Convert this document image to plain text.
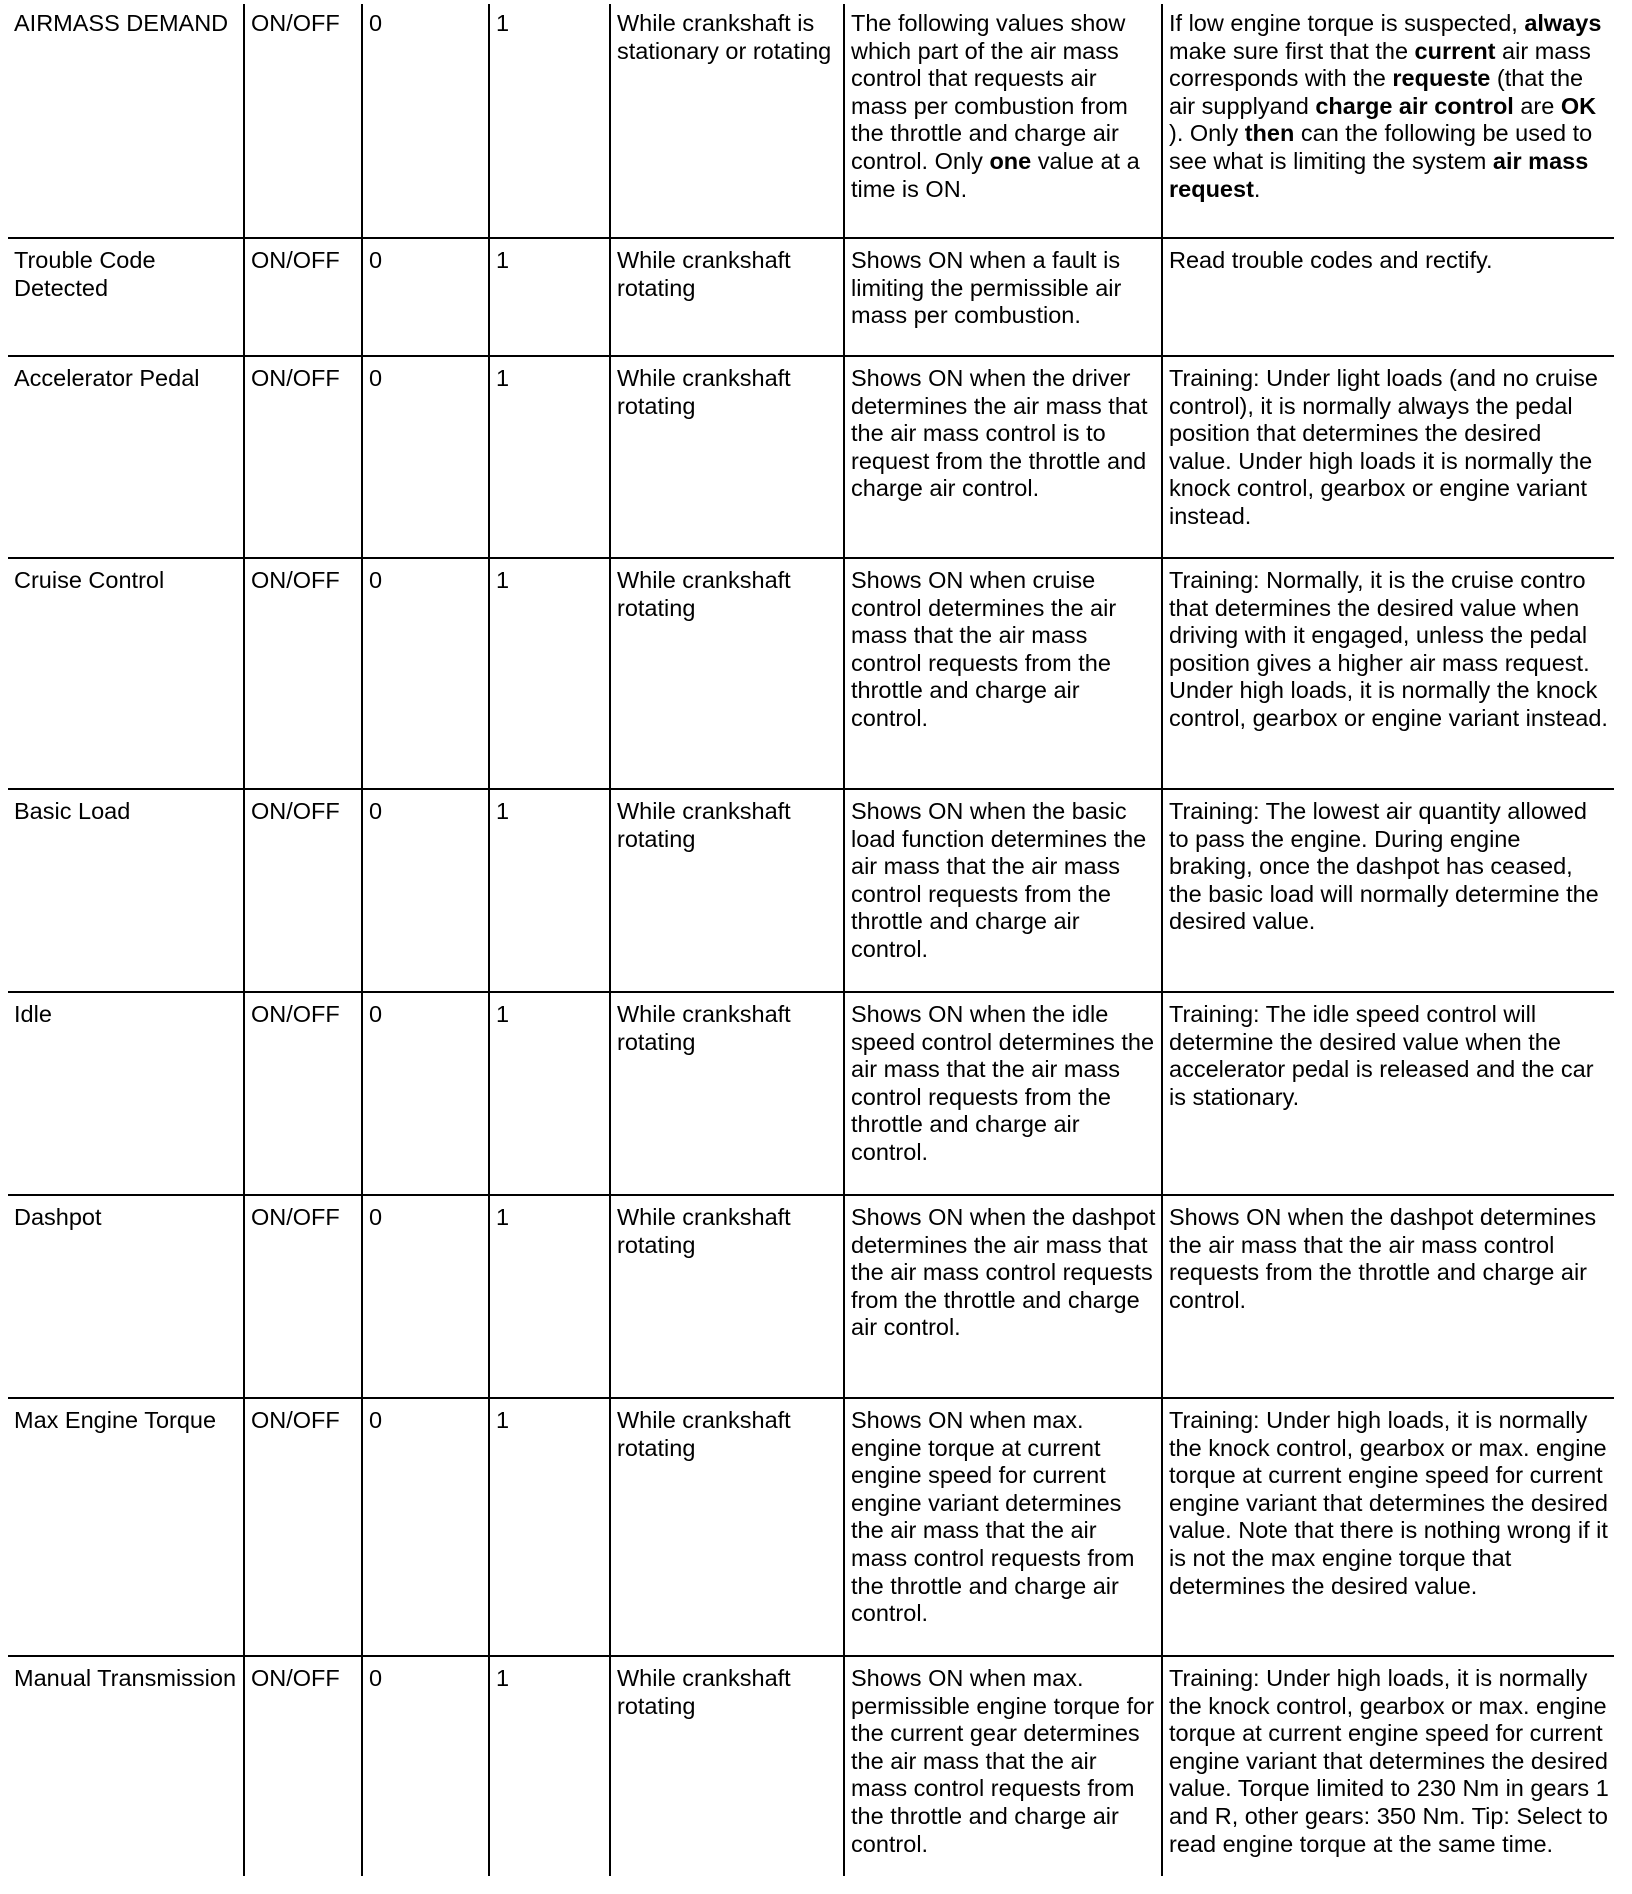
AIRMASS DEMAND	ON/OFF	0	1	While crankshaft is stationary or rotating	The following values show which part of the air mass control that requests air mass per combustion from the throttle and charge air control. Only one value at a time is ON.	If low engine torque is suspected, always make sure first that the current air mass corresponds with the requeste (that the air supplyand charge air control are OK ). Only then can the following be used to see what is limiting the system air mass request.
Trouble Code Detected	ON/OFF	0	1	While crankshaft rotating	Shows ON when a fault is limiting the permissible air mass per combustion.	Read trouble codes and rectify.
Accelerator Pedal	ON/OFF	0	1	While crankshaft rotating	Shows ON when the driver determines the air mass that the air mass control is to request from the throttle and charge air control.	Training: Under light loads (and no cruise control), it is normally always the pedal position that determines the desired value. Under high loads it is normally the knock control, gearbox or engine variant instead.
Cruise Control	ON/OFF	0	1	While crankshaft rotating	Shows ON when cruise control determines the air mass that the air mass control requests from the throttle and charge air control.	Training: Normally, it is the cruise contro that determines the desired value when driving with it engaged, unless the pedal position gives a higher air mass request. Under high loads, it is normally the knock control, gearbox or engine variant instead.
Basic Load	ON/OFF	0	1	While crankshaft rotating	Shows ON when the basic load function determines the air mass that the air mass control requests from the throttle and charge air control.	Training: The lowest air quantity allowed to pass the engine. During engine braking, once the dashpot has ceased, the basic load will normally determine the desired value.
Idle	ON/OFF	0	1	While crankshaft rotating	Shows ON when the idle speed control determines the air mass that the air mass control requests from the throttle and charge air control.	Training: The idle speed control will determine the desired value when the accelerator pedal is released and the car is stationary.
Dashpot	ON/OFF	0	1	While crankshaft rotating	Shows ON when the dashpot determines the air mass that the air mass control requests from the throttle and charge air control.	Shows ON when the dashpot determines the air mass that the air mass control requests from the throttle and charge air control.
Max Engine Torque	ON/OFF	0	1	While crankshaft rotating	Shows ON when max. engine torque at current engine speed for current engine variant determines the air mass that the air mass control requests from the throttle and charge air control.	Training: Under high loads, it is normally the knock control, gearbox or max. engine torque at current engine speed for current engine variant that determines the desired value. Note that there is nothing wrong if it is not the max engine torque that determines the desired value.
Manual Transmission	ON/OFF	0	1	While crankshaft rotating	Shows ON when max. permissible engine torque for the current gear determines the air mass that the air mass control requests from the throttle and charge air control.	Training: Under high loads, it is normally the knock control, gearbox or max. engine torque at current engine speed for current engine variant that determines the desired value. Torque limited to 230 Nm in gears 1 and R, other gears: 350 Nm. Tip: Select to read engine torque at the same time.
